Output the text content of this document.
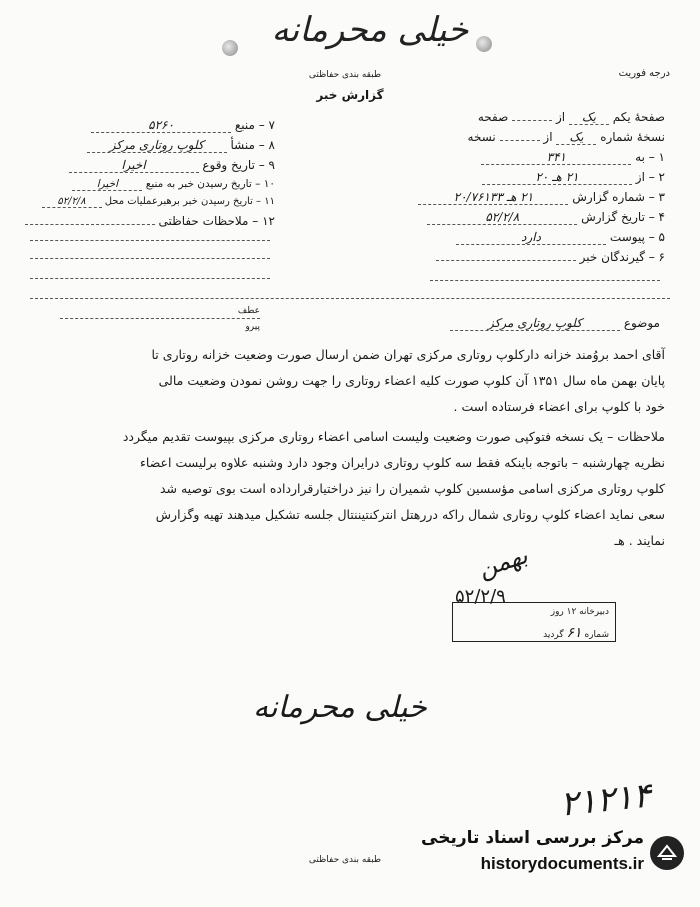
خیلی محرمانه
درجه فوریت
طبقه بندی حفاظتی
گزارش خبر
صفحهٔ یکم یک از  صفحه
نسخهٔ شماره یک از  نسخه
۱ – به ۳۴۱
۲ – از ۲۱ هـ ۲۰
۳ – شماره گزارش ۲۱ هـ ۲۰/۷۶۱۳۳
۴ – تاریخ گزارش ۵۲/۲/۸
۵ – پیوست دارد
۶ – گیرندگان خبر
۷ – منبع ۵۲۶۰
۸ – منشأ کلوپ روتاری مرکز
۹ – تاریخ وقوع اخیرا
۱۰ – تاریخ رسیدن خبر به منبع اخیرا
۱۱ – تاریخ رسیدن خبر برهبرعملیات محل ۵۲/۲/۸
۱۲ – ملاحظات حفاظتی
عطف
پیرو	موضوع کلوپ روتاری مرکز
آقای احمد بروُمند خزانه دارکلوپ روتاری مرکزی تهران ضمن ارسال صورت وضعیت خزانه روتاری تا
پایان بهمن ماه سال ۱۳۵۱ آن کلوپ صورت کلیه اعضاء روتاری را جهت روشن نمودن وضعیت مالی
خود با کلوپ برای اعضاء فرستاده است .
ملاحظات – یک نسخه فتوکپی صورت وضعیت ولیست اسامی اعضاء روتاری مرکزی بپیوست تقدیم میگردد
نظریه چهارشنبه – باتوجه باینکه فقط سه کلوپ روتاری درایران وجود دارد وشنبه علاوه برلیست اعضاء
کلوپ روتاری مرکزی اسامی مؤسسین کلوپ شمیران را نیز دراختیارقرارداده است بوی توصیه شد
سعی نماید اعضاء کلوپ روتاری شمال راکه دررهتل انترکنتیننتال جلسه تشکیل میدهند تهیه وگزارش
نمایند . هـ
بهمن
۵۲/۲/۹
دبیرخانه ۱۲ روز
شماره ۶۱ گردید
خیلی محرمانه
۲۱۲۱۴
طبقه بندی حفاظتی
مرکز بررسی اسناد تاریخی
historydocuments.ir
